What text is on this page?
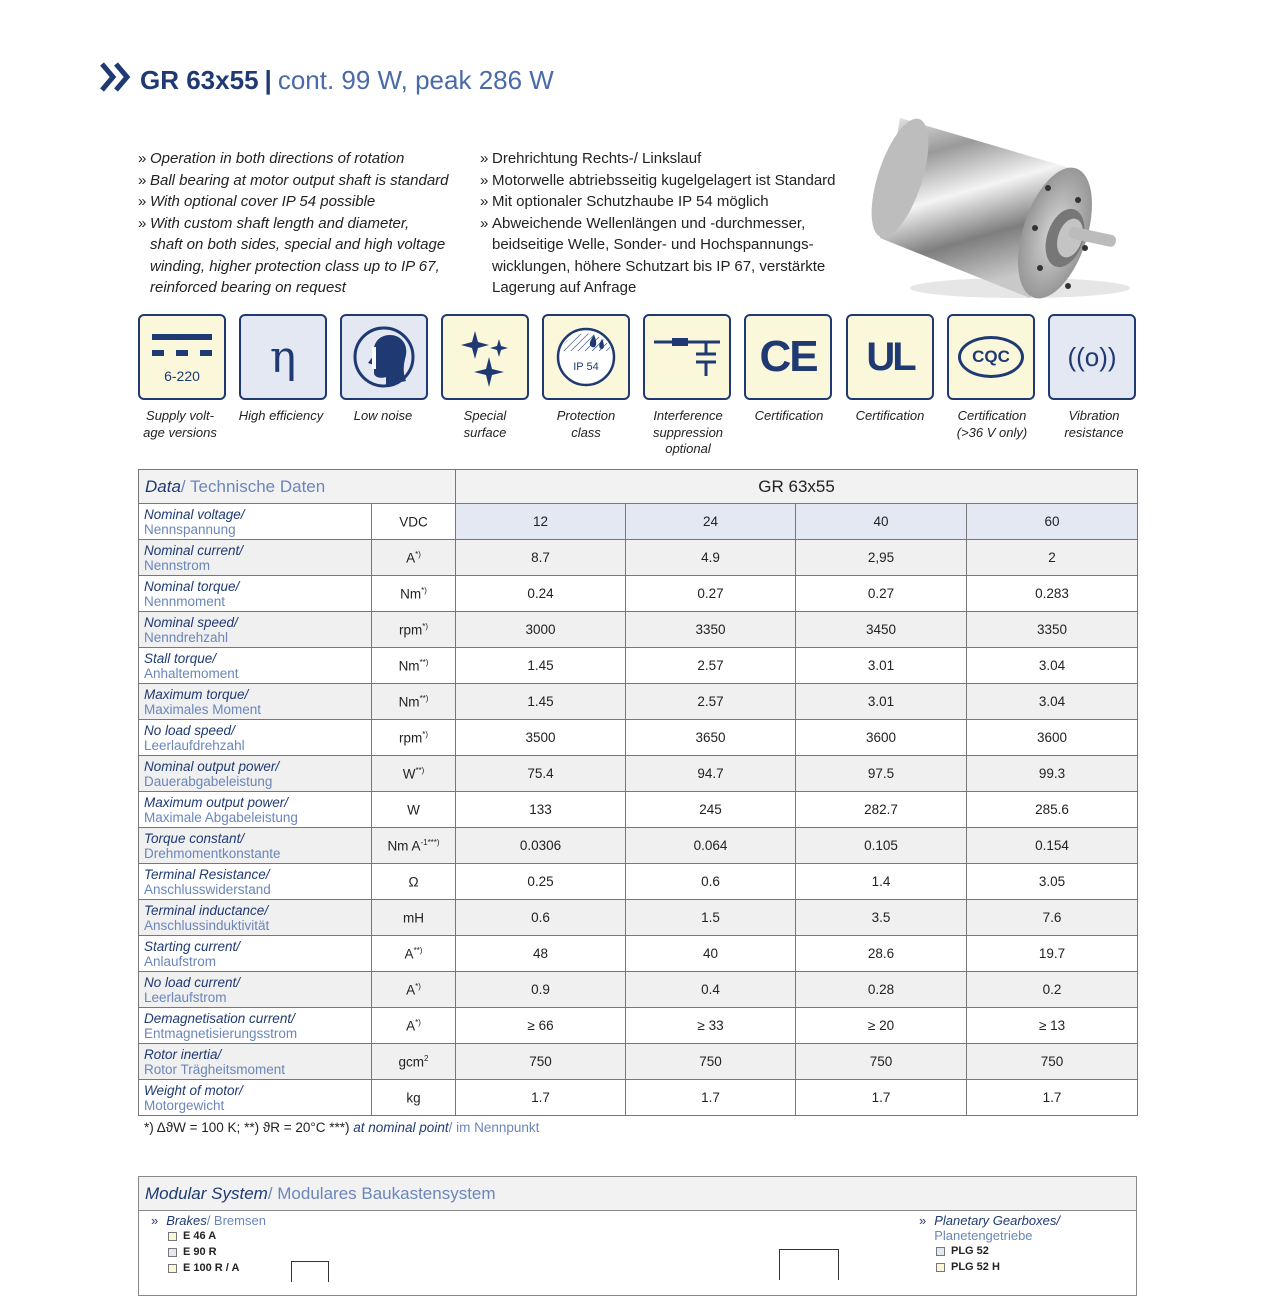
GR 63x55 | cont. 99 W, peak 286 W
» Operation in both directions of rotation
» Ball bearing at motor output shaft is standard
» With optional cover IP 54 possible
» With custom shaft length and diameter,
shaft on both sides, special and high voltage
winding, higher protection class up to IP 67,
reinforced bearing on request
» Drehrichtung Rechts-/ Linkslauf
» Motorwelle abtriebsseitig kugelgelagert ist Standard
» Mit optionaler Schutzhaube IP 54 möglich
» Abweichende Wellenlängen und -durchmesser,
beidseitige Welle, Sonder- und Hochspannungs-
wicklungen, höhere Schutzart bis IP 67, verstärkte
Lagerung auf Anfrage
6-220 η	IP 54	CE UL	CQC	((o))
Supply volt-
age versions
High efficiency	Low noise	Special
surface
Protection
class
Interference
suppression
optional
Certification	Certification	Certification
(>36 V only)
Vibration
resistance
Data/ Technische Daten		GR 63x55			

Nominal voltage/
Nennspannung	VDC	12	24	40	60

Nominal current/
Nennstrom	A*)	8.7	4.9	2,95	2

Nominal torque/
Nennmoment	Nm*)	0.24	0.27	0.27	0.283

Nominal speed/
Nenndrehzahl	rpm*)	3000	3350	3450	3350

Stall torque/
Anhaltemoment	Nm**)	1.45	2.57	3.01	3.04

Maximum torque/
Maximales Moment	Nm**)	1.45	2.57	3.01	3.04

No load speed/
Leerlaufdrehzahl	rpm*)	3500	3650	3600	3600

Nominal output power/
Dauerabgabeleistung	W**)	75.4	94.7	97.5	99.3

Maximum output power/
Maximale Abgabeleistung	W	133	245	282.7	285.6

Torque constant/
Drehmomentkonstante	Nm $A^{-1***)}$	0.0306	0.064	0.105	0.154

Terminal Resistance/
Anschlusswiderstand	Ω	0.25	0.6	1.4	3.05

Terminal inductance/
Anschlussinduktivität	mH	0.6	1.5	3.5	7.6

Starting current/
Anlaufstrom	A**)	48	40	28.6	19.7

No load current/
Leerlaufstrom	A*)	0.9	0.4	0.28	0.2

Demagnetisation current/
Entmagnetisierungsstrom	A*)	≥ 66	≥ 33	≥ 20	≥ 13

Rotor inertia/
Rotor Trägheitsmoment	gcm$^2$	750	750	750	750

Weight of motor/
Motorgewicht	kg	1.7	1.7	1.7	1.7
*) ΔϑW = 100 K; **) ϑR = 20°C ***) at nominal point/ im Nennpunkt
Modular System/ Modulares Baukastensystem
» Brakes/ Bremsen
E 46 A
E 90 R
E 100 R / A
» Planetary Gearboxes/
Planetengetriebe
PLG 52
PLG 52 H
